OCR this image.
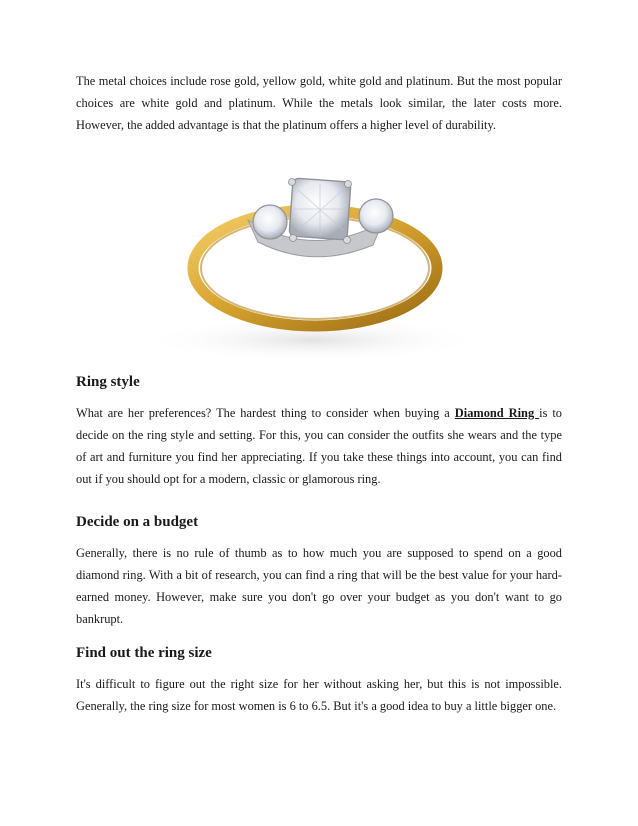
The metal choices include rose gold, yellow gold, white gold and platinum. But the most popular choices are white gold and platinum. While the metals look similar, the later costs more. However, the added advantage is that the platinum offers a higher level of durability.

Ring style

What are her preferences? The hardest thing to consider when buying a Diamond Ring is to decide on the ring style and setting. For this, you can consider the outfits she wears and the type of art and furniture you find her appreciating. If you take these things into account, you can find out if you should opt for a modern, classic or glamorous ring.

Decide on a budget

Generally, there is no rule of thumb as to how much you are supposed to spend on a good diamond ring. With a bit of research, you can find a ring that will be the best value for your hard-earned money. However, make sure you don't go over your budget as you don't want to go bankrupt.

Find out the ring size

It's difficult to figure out the right size for her without asking her, but this is not impossible. Generally, the ring size for most women is 6 to 6.5. But it's a good idea to buy a little bigger one.
